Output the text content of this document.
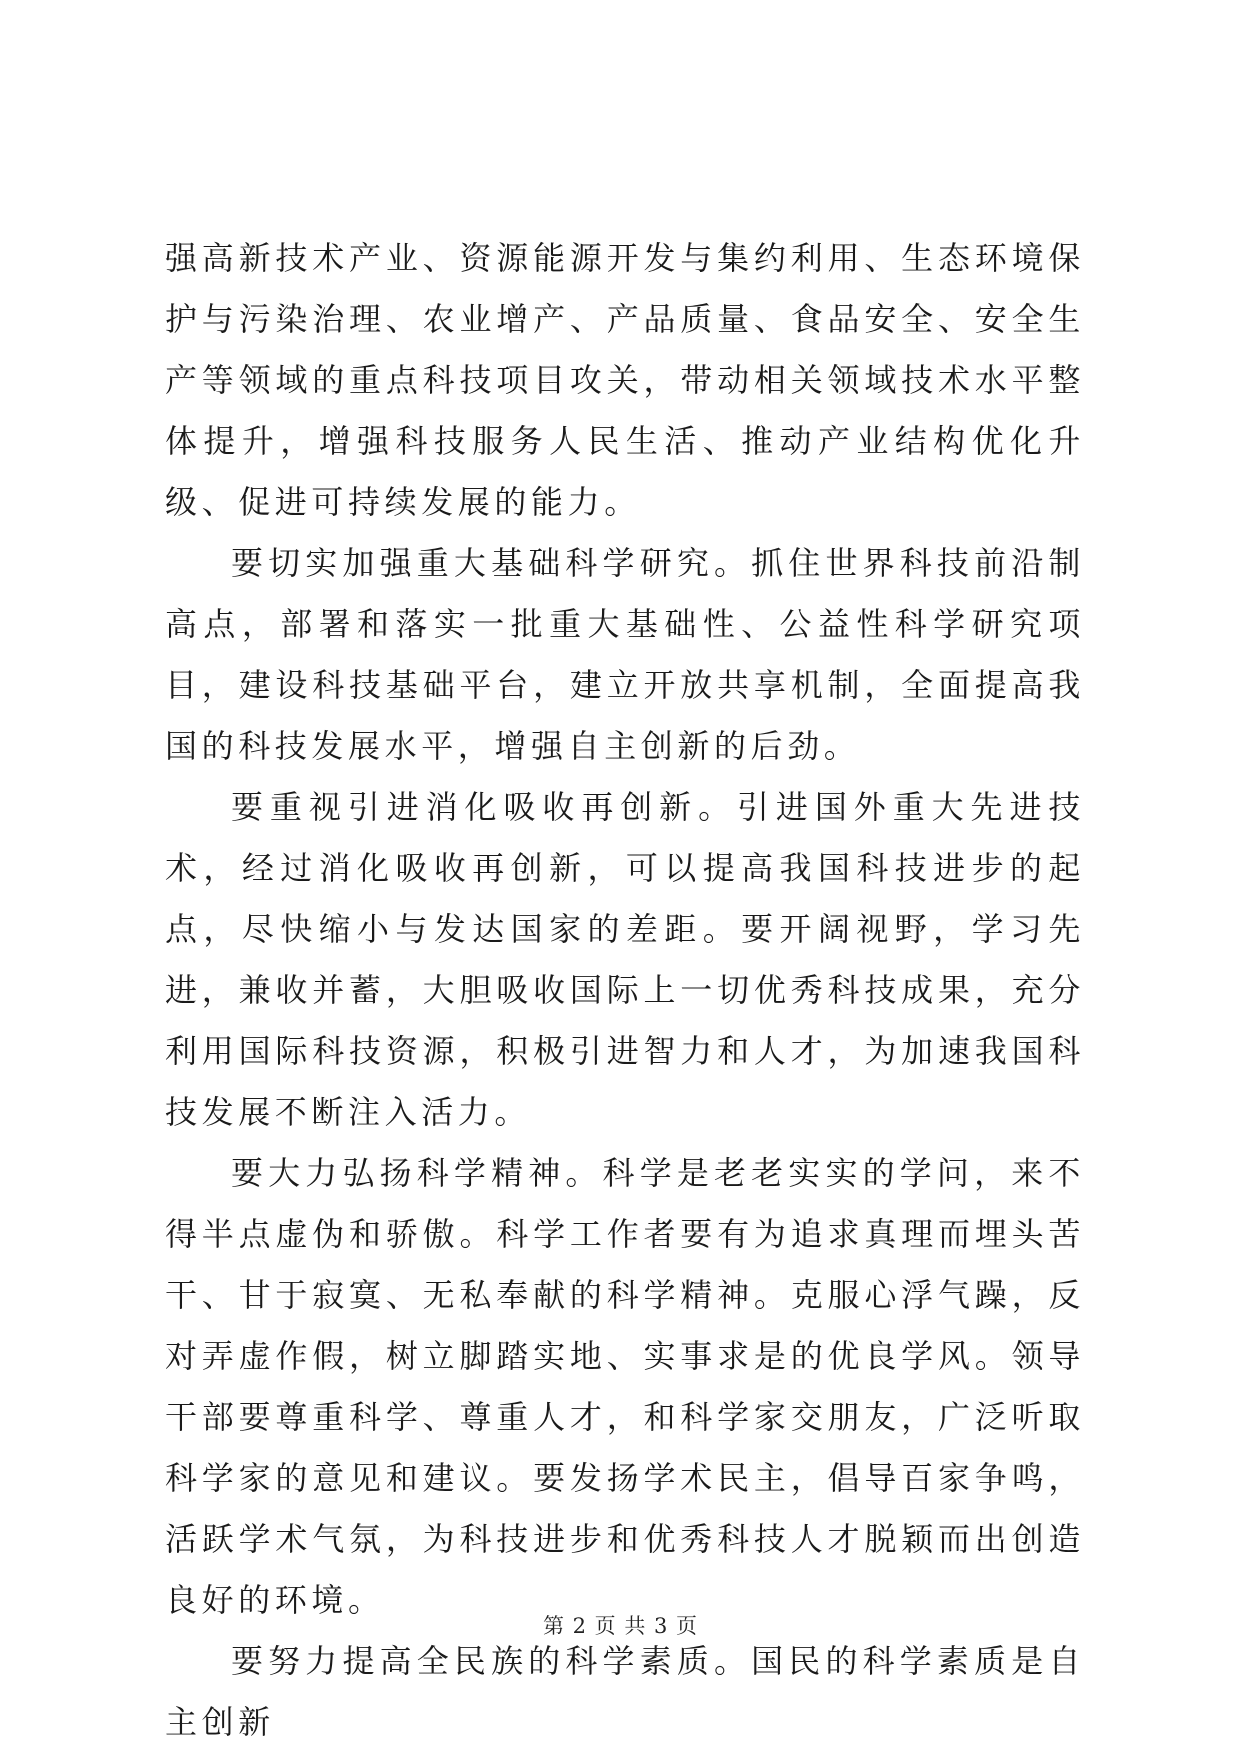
强高新技术产业、资源能源开发与集约利用、生态环境保护与污染治理、农业增产、产品质量、食品安全、安全生产等领域的重点科技项目攻关，带动相关领域技术水平整体提升，增强科技服务人民生活、推动产业结构优化升级、促进可持续发展的能力。

要切实加强重大基础科学研究。抓住世界科技前沿制高点，部署和落实一批重大基础性、公益性科学研究项目，建设科技基础平台，建立开放共享机制，全面提高我国的科技发展水平，增强自主创新的后劲。

要重视引进消化吸收再创新。引进国外重大先进技术，经过消化吸收再创新，可以提高我国科技进步的起点，尽快缩小与发达国家的差距。要开阔视野，学习先进，兼收并蓄，大胆吸收国际上一切优秀科技成果，充分利用国际科技资源，积极引进智力和人才，为加速我国科技发展不断注入活力。

要大力弘扬科学精神。科学是老老实实的学问，来不得半点虚伪和骄傲。科学工作者要有为追求真理而埋头苦干、甘于寂寞、无私奉献的科学精神。克服心浮气躁，反对弄虚作假，树立脚踏实地、实事求是的优良学风。领导干部要尊重科学、尊重人才，和科学家交朋友，广泛听取科学家的意见和建议。要发扬学术民主，倡导百家争鸣，活跃学术气氛，为科技进步和优秀科技人才脱颖而出创造良好的环境。

要努力提高全民族的科学素质。国民的科学素质是自主创新

第 2 页 共 3 页
